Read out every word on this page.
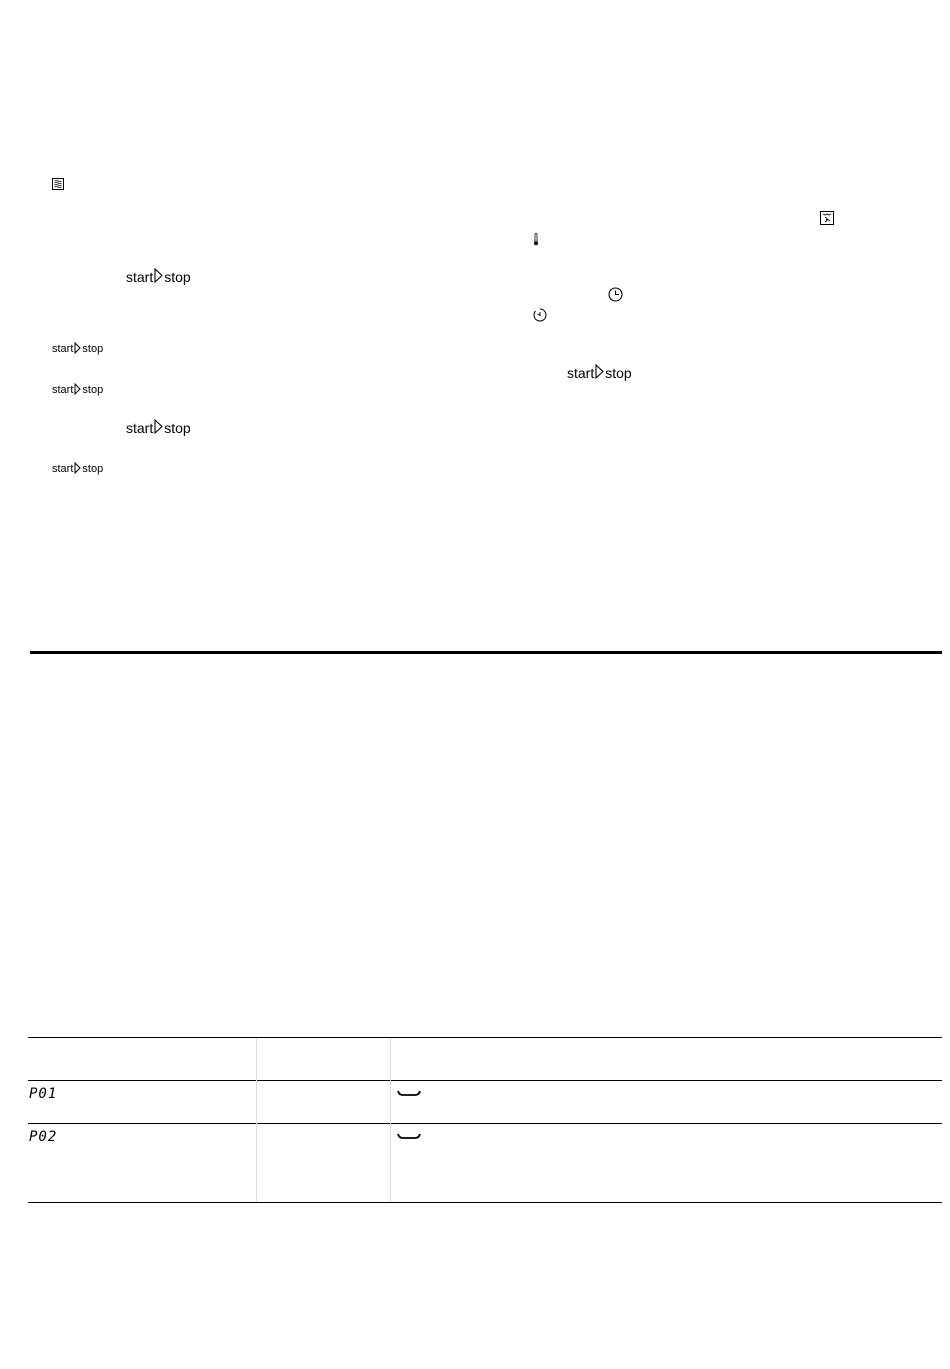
start stop
start stop
start stop
start stop
start stop
start stop
P01
P02
